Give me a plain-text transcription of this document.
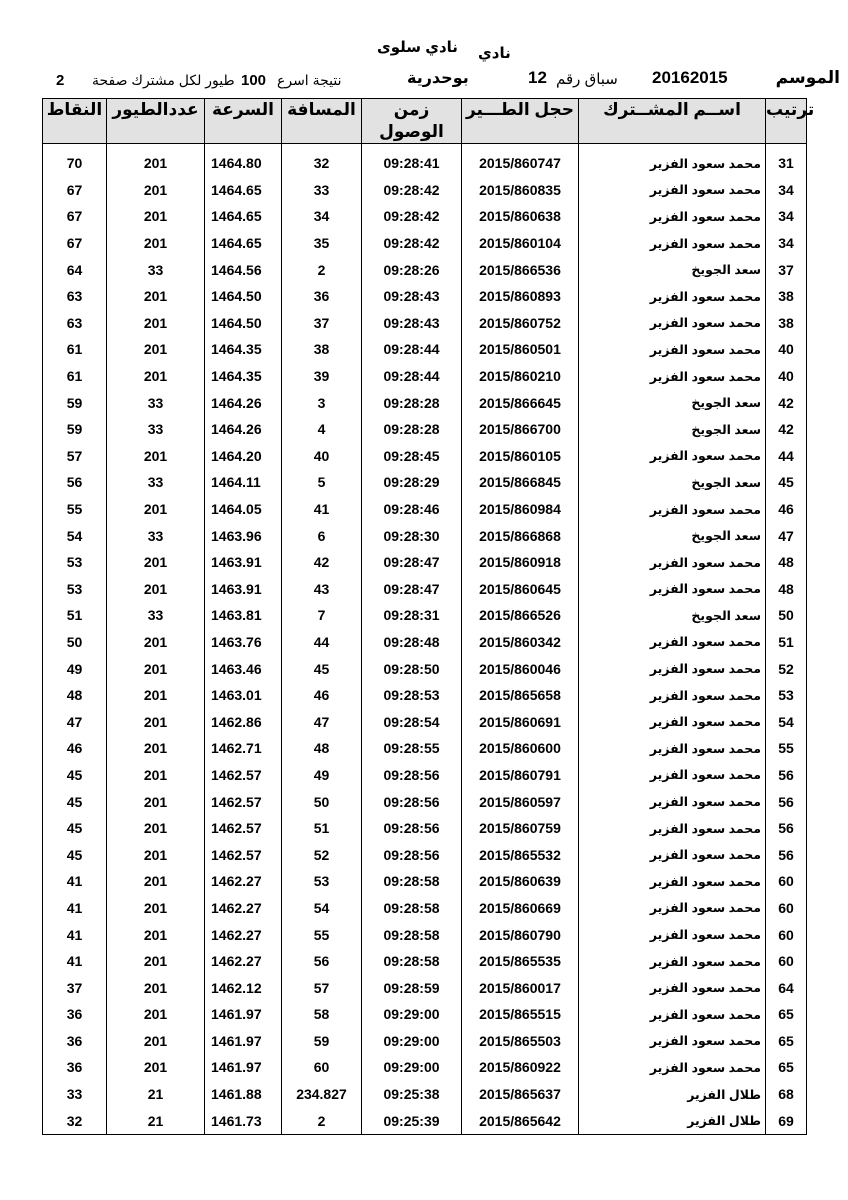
نادي
نادي سلوى
الموسم
20162015
سباق رقم
12
بوحدرية
نتيجة اسرع
100
طيور لكل مشترك صفحة
2
النقاط	عددالطيور	السرعة	المسافة	زمن الوصول	حجل الطـــير	اســم المشــترك	ترتيب

70	201	1464.80	32	09:28:41	2015/860747	محمد سعود الفزير	31
67	201	1464.65	33	09:28:42	2015/860835	محمد سعود الفزير	34
67	201	1464.65	34	09:28:42	2015/860638	محمد سعود الفزير	34
67	201	1464.65	35	09:28:42	2015/860104	محمد سعود الفزير	34
64	33	1464.56	2	09:28:26	2015/866536	سعد الجويخ	37
63	201	1464.50	36	09:28:43	2015/860893	محمد سعود الفزير	38
63	201	1464.50	37	09:28:43	2015/860752	محمد سعود الفزير	38
61	201	1464.35	38	09:28:44	2015/860501	محمد سعود الفزير	40
61	201	1464.35	39	09:28:44	2015/860210	محمد سعود الفزير	40
59	33	1464.26	3	09:28:28	2015/866645	سعد الجويخ	42
59	33	1464.26	4	09:28:28	2015/866700	سعد الجويخ	42
57	201	1464.20	40	09:28:45	2015/860105	محمد سعود الفزير	44
56	33	1464.11	5	09:28:29	2015/866845	سعد الجويخ	45
55	201	1464.05	41	09:28:46	2015/860984	محمد سعود الفزير	46
54	33	1463.96	6	09:28:30	2015/866868	سعد الجويخ	47
53	201	1463.91	42	09:28:47	2015/860918	محمد سعود الفزير	48
53	201	1463.91	43	09:28:47	2015/860645	محمد سعود الفزير	48
51	33	1463.81	7	09:28:31	2015/866526	سعد الجويخ	50
50	201	1463.76	44	09:28:48	2015/860342	محمد سعود الفزير	51
49	201	1463.46	45	09:28:50	2015/860046	محمد سعود الفزير	52
48	201	1463.01	46	09:28:53	2015/865658	محمد سعود الفزير	53
47	201	1462.86	47	09:28:54	2015/860691	محمد سعود الفزير	54
46	201	1462.71	48	09:28:55	2015/860600	محمد سعود الفزير	55
45	201	1462.57	49	09:28:56	2015/860791	محمد سعود الفزير	56
45	201	1462.57	50	09:28:56	2015/860597	محمد سعود الفزير	56
45	201	1462.57	51	09:28:56	2015/860759	محمد سعود الفزير	56
45	201	1462.57	52	09:28:56	2015/865532	محمد سعود الفزير	56
41	201	1462.27	53	09:28:58	2015/860639	محمد سعود الفزير	60
41	201	1462.27	54	09:28:58	2015/860669	محمد سعود الفزير	60
41	201	1462.27	55	09:28:58	2015/860790	محمد سعود الفزير	60
41	201	1462.27	56	09:28:58	2015/865535	محمد سعود الفزير	60
37	201	1462.12	57	09:28:59	2015/860017	محمد سعود الفزير	64
36	201	1461.97	58	09:29:00	2015/865515	محمد سعود الفزير	65
36	201	1461.97	59	09:29:00	2015/865503	محمد سعود الفزير	65
36	201	1461.97	60	09:29:00	2015/860922	محمد سعود الفزير	65
33	21	1461.88	234.827	09:25:38	2015/865637	طلال الفزير	68
32	21	1461.73	2	09:25:39	2015/865642	طلال الفزير	69
